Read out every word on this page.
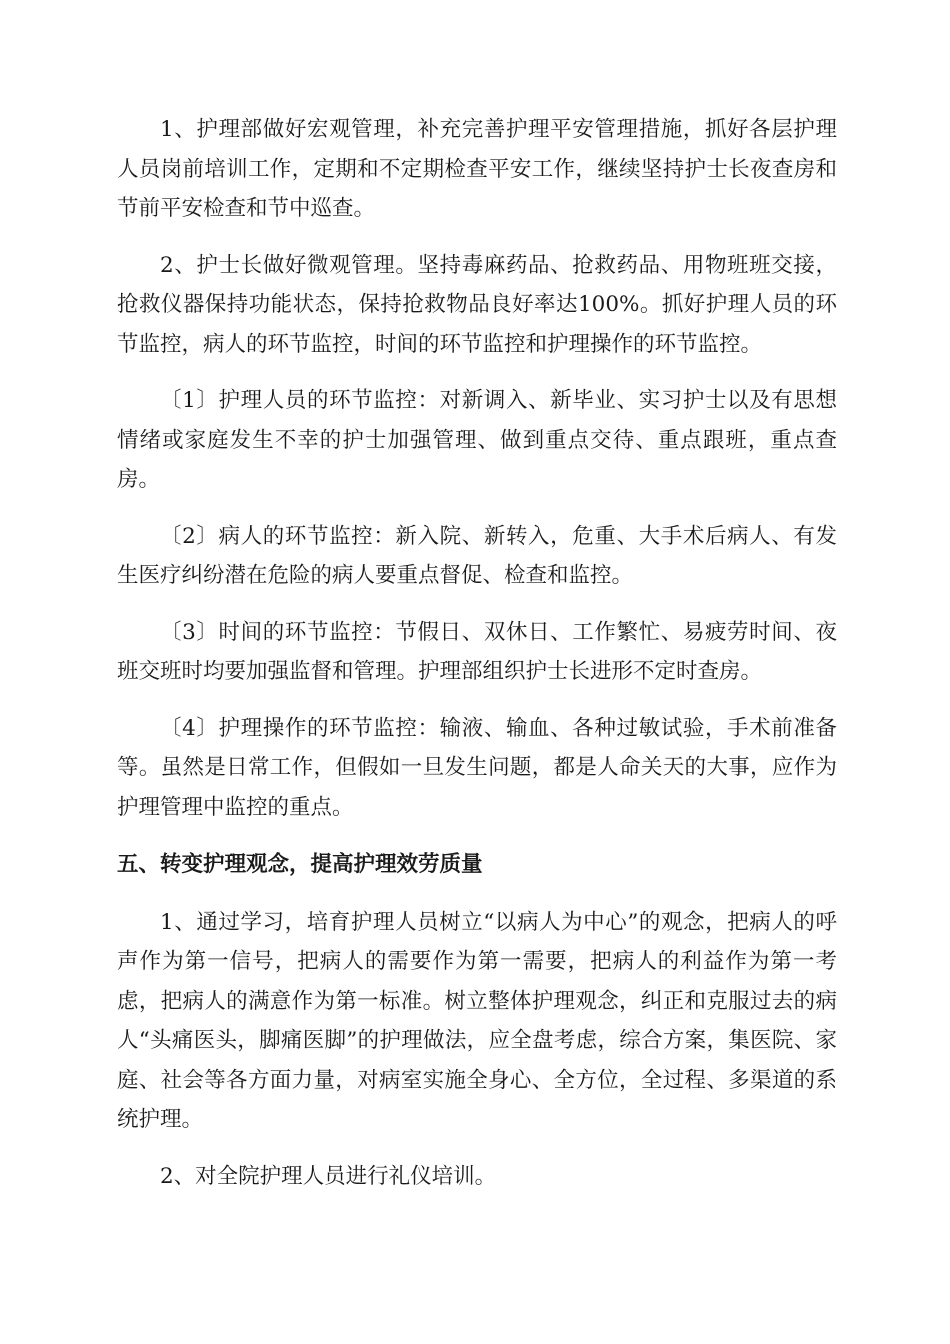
1、护理部做好宏观管理，补充完善护理平安管理措施，抓好各层护理人员岗前培训工作，定期和不定期检查平安工作，继续坚持护士长夜查房和节前平安检查和节中巡查。

2、护士长做好微观管理。坚持毒麻药品、抢救药品、用物班班交接，抢救仪器保持功能状态，保持抢救物品良好率达100%。抓好护理人员的环节监控，病人的环节监控，时间的环节监控和护理操作的环节监控。

〔1〕护理人员的环节监控：对新调入、新毕业、实习护士以及有思想情绪或家庭发生不幸的护士加强管理、做到重点交待、重点跟班，重点查房。

〔2〕病人的环节监控：新入院、新转入，危重、大手术后病人、有发生医疗纠纷潜在危险的病人要重点督促、检查和监控。

〔3〕时间的环节监控：节假日、双休日、工作繁忙、易疲劳时间、夜班交班时均要加强监督和管理。护理部组织护士长进形不定时查房。

〔4〕护理操作的环节监控：输液、输血、各种过敏试验，手术前准备等。虽然是日常工作，但假如一旦发生问题，都是人命关天的大事，应作为护理管理中监控的重点。

五、转变护理观念，提高护理效劳质量

1、通过学习，培育护理人员树立“以病人为中心”的观念，把病人的呼声作为第一信号，把病人的需要作为第一需要，把病人的利益作为第一考虑，把病人的满意作为第一标准。树立整体护理观念，纠正和克服过去的病人“头痛医头，脚痛医脚”的护理做法，应全盘考虑，综合方案，集医院、家庭、社会等各方面力量，对病室实施全身心、全方位，全过程、多渠道的系统护理。

2、对全院护理人员进行礼仪培训。
